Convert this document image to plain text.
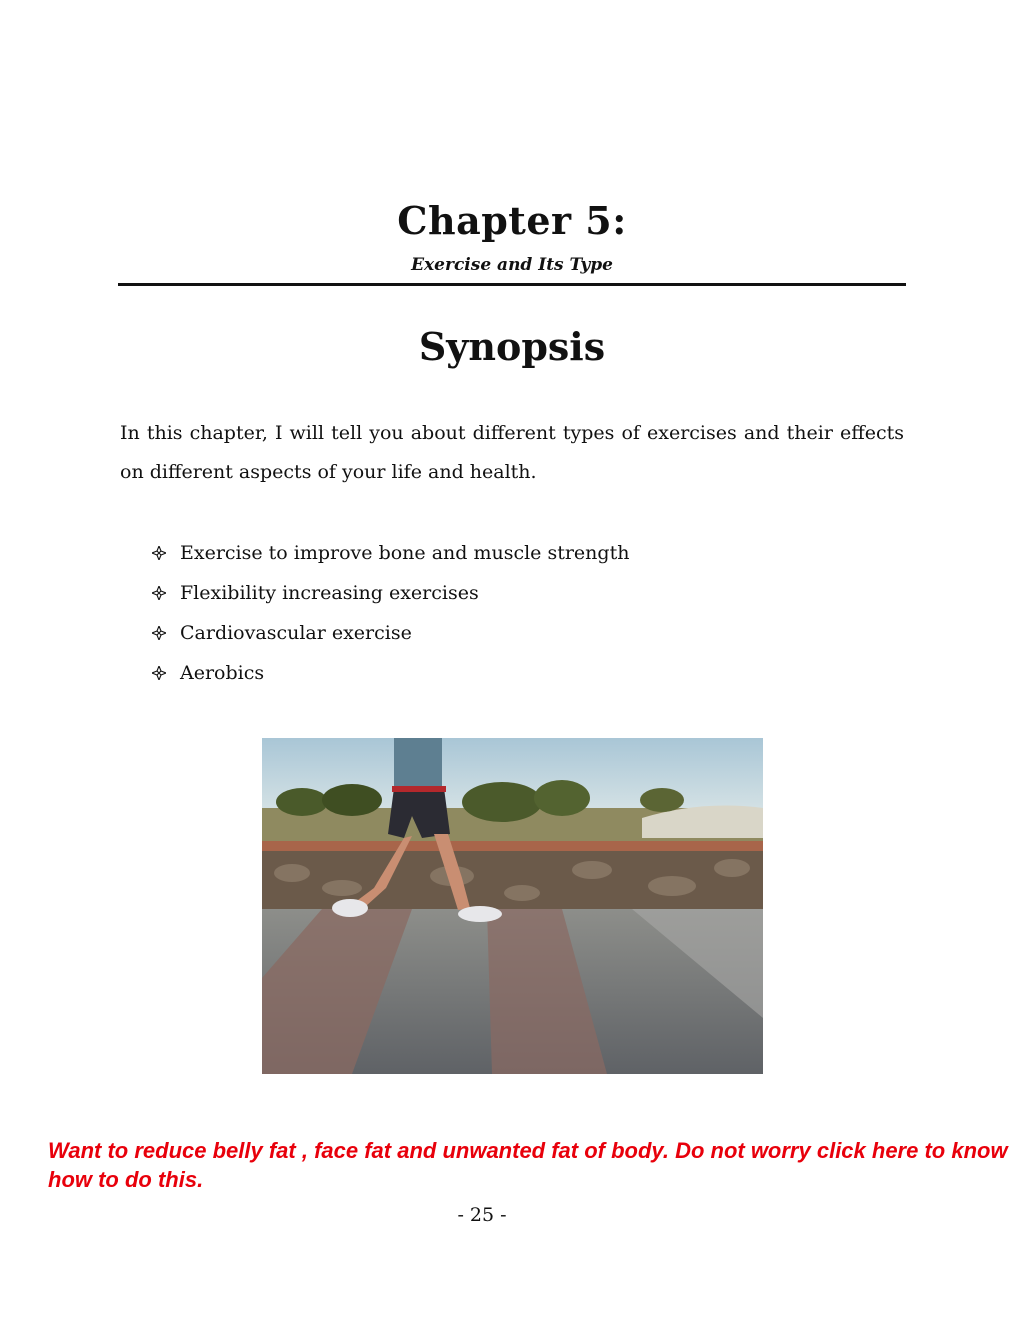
Chapter 5:
Exercise and Its Type
Synopsis

In this chapter, I will tell you about different types of exercises and their effects on different aspects of your life and health.

Exercise to improve bone and muscle strength
Flexibility increasing exercises
Cardiovascular exercise
Aerobics

Want to reduce belly fat , face fat and unwanted fat of body. Do not worry click here to know how to do this.

- 25 -
